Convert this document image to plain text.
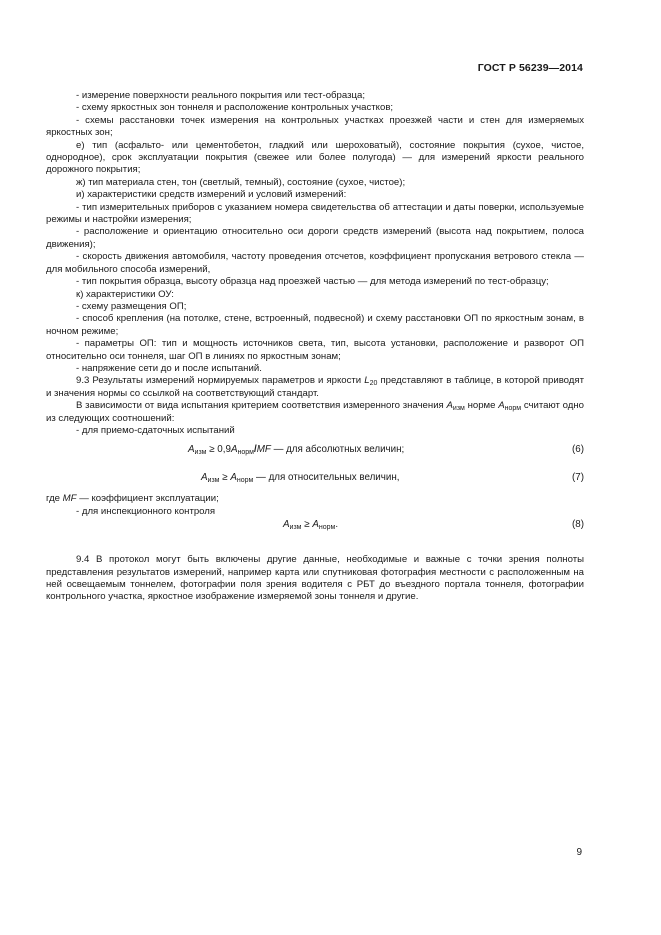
ГОСТ Р 56239—2014

- измерение поверхности реального покрытия или тест-образца;

- схему яркостных зон тоннеля и расположение контрольных участков;

- схемы расстановки точек измерения на контрольных участках проезжей части и стен для измеряемых яркостных зон;

е) тип (асфальто- или цементобетон, гладкий или шероховатый), состояние покрытия (сухое, чистое, однородное), срок эксплуатации покрытия (свежее или более полугода) — для измерений яркости реального дорожного покрытия;

ж) тип материала стен, тон (светлый, темный), состояние (сухое, чистое);

и) характеристики средств измерений и условий измерений:

- тип измерительных приборов с указанием номера свидетельства об аттестации и даты поверки, используемые режимы и настройки измерения;

- расположение и ориентацию относительно оси дороги средств измерений (высота над покрытием, полоса движения);

- скорость движения автомобиля, частоту проведения отсчетов, коэффициент пропускания ветрового стекла — для мобильного способа измерений,

- тип покрытия образца, высоту образца над проезжей частью — для метода измерений по тест-образцу;

к) характеристики ОУ:

- схему размещения ОП;

- способ крепления (на потолке, стене, встроенный, подвесной) и схему расстановки ОП по яркостным зонам, в ночном режиме;

- параметры ОП: тип и мощность источников света, тип, высота установки, расположение и разворот ОП относительно оси тоннеля, шаг ОП в линиях по яркостным зонам;

- напряжение сети до и после испытаний.

9.3 Результаты измерений нормируемых параметров и яркости $L_{20}$ представляют в таблице, в которой приводят и значения нормы со ссылкой на соответствующий стандарт.

В зависимости от вида испытания критерием соответствия измеренного значения $A_{изм}$ норме $A_{норм}$ считают одно из следующих соотношений:

- для приемо-сдаточных испытаний

$A_{изм} \ge 0,9A_{норм}/MF$ — для абсолютных величин;	(6)
$A_{изм} \ge A_{норм}$ — для относительных величин,	(7)

где MF — коэффициент эксплуатации;

- для инспекционного контроля

$A_{изм} \ge A_{норм}$.	(8)

9.4 В протокол могут быть включены другие данные, необходимые и важные с точки зрения полноты представления результатов измерений, например карта или спутниковая фотография местности с расположенным на ней освещаемым тоннелем, фотографии поля зрения водителя с РБТ до въездного портала тоннеля, фотографии контрольного участка, яркостное изображение измеряемой зоны тоннеля и другие.

9
